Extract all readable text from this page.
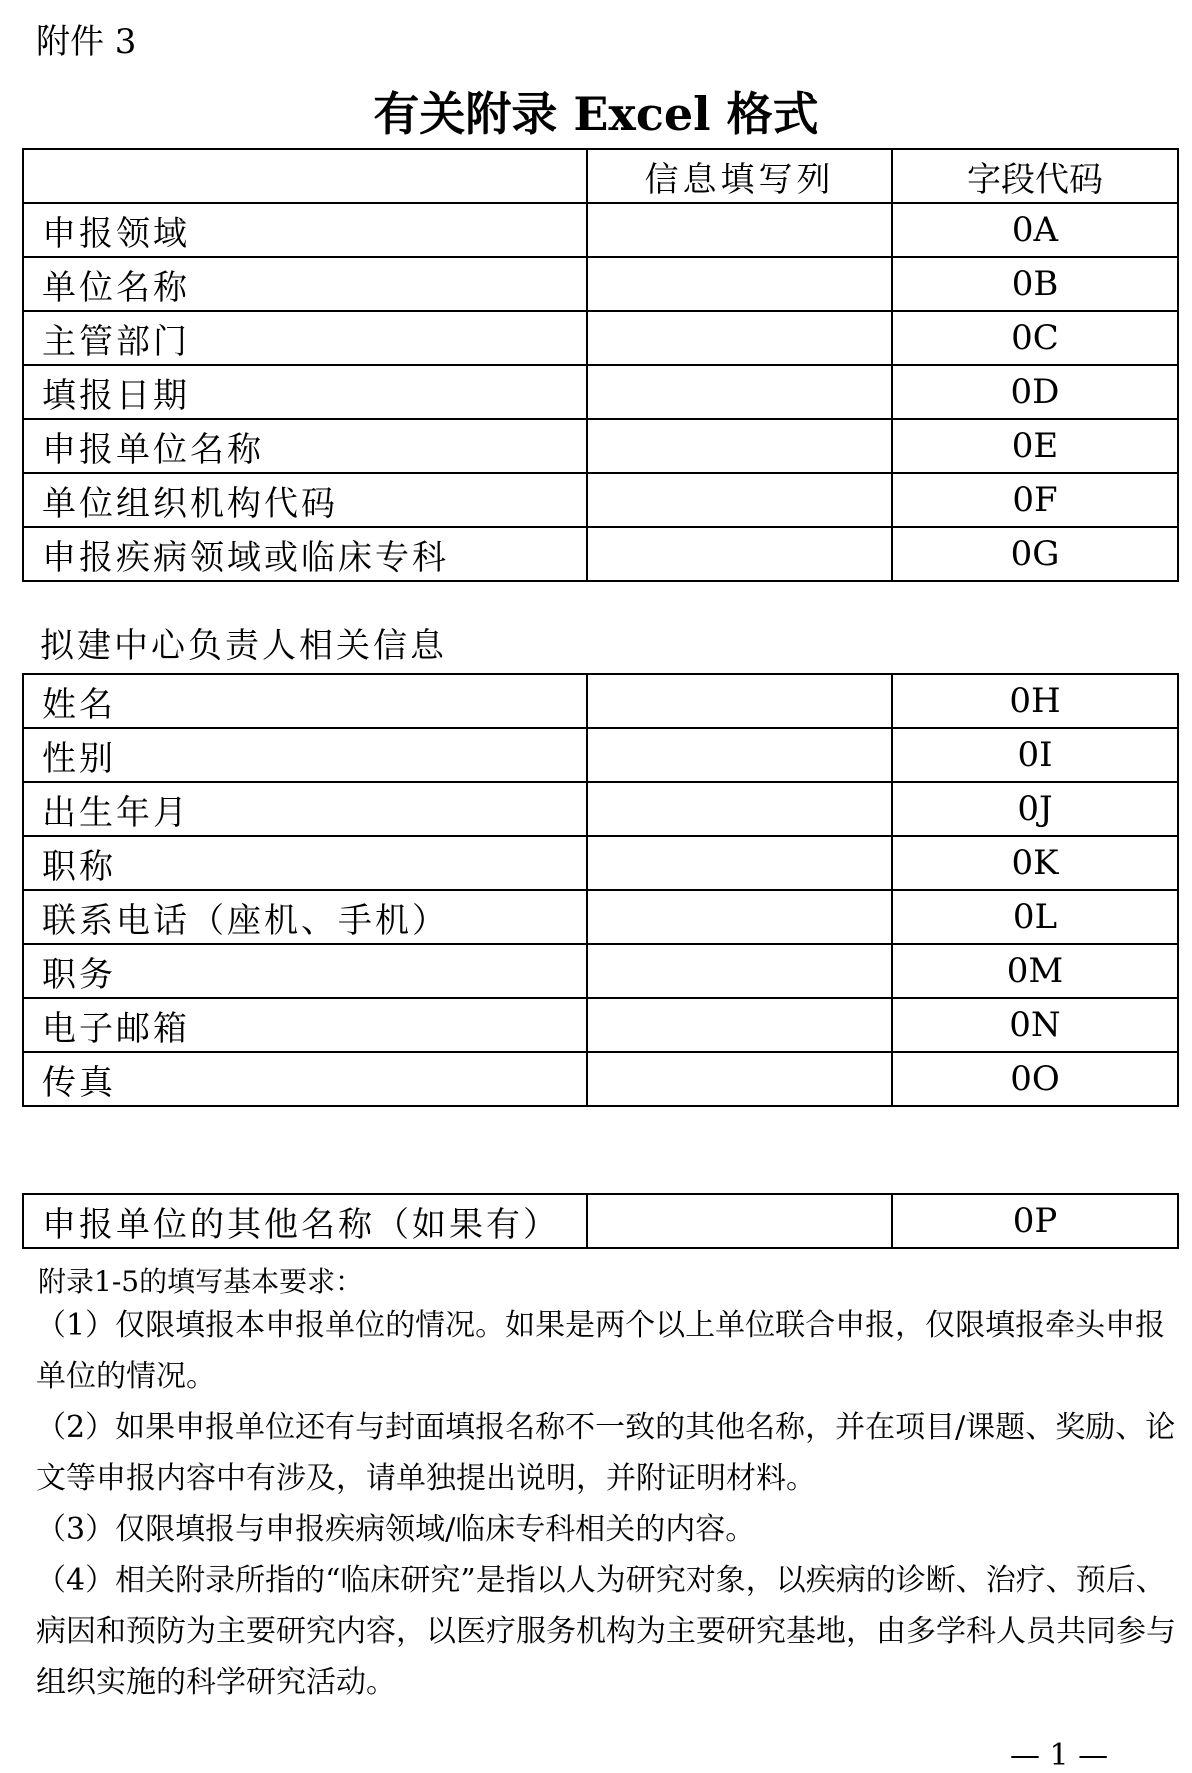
附件 3
有关附录 Excel 格式
	信息填写列	字段代码
申报领域		0A
单位名称		0B
主管部门		0C
填报日期		0D
申报单位名称		0E
单位组织机构代码		0F
申报疾病领域或临床专科		0G
拟建中心负责人相关信息
姓名		0H
性别		0I
出生年月		0J
职称		0K
联系电话（座机、手机）		0L
职务		0M
电子邮箱		0N
传真		0O
申报单位的其他名称（如果有）		0P
附录1-5的填写基本要求：

（1）仅限填报本申报单位的情况。如果是两个以上单位联合申报，仅限填报牵头申报单位的情况。

（2）如果申报单位还有与封面填报名称不一致的其他名称，并在项目/课题、奖励、论文等申报内容中有涉及，请单独提出说明，并附证明材料。

（3）仅限填报与申报疾病领域/临床专科相关的内容。

（4）相关附录所指的“临床研究”是指以人为研究对象，以疾病的诊断、治疗、预后、病因和预防为主要研究内容，以医疗服务机构为主要研究基地，由多学科人员共同参与组织实施的科学研究活动。

— 1 —
